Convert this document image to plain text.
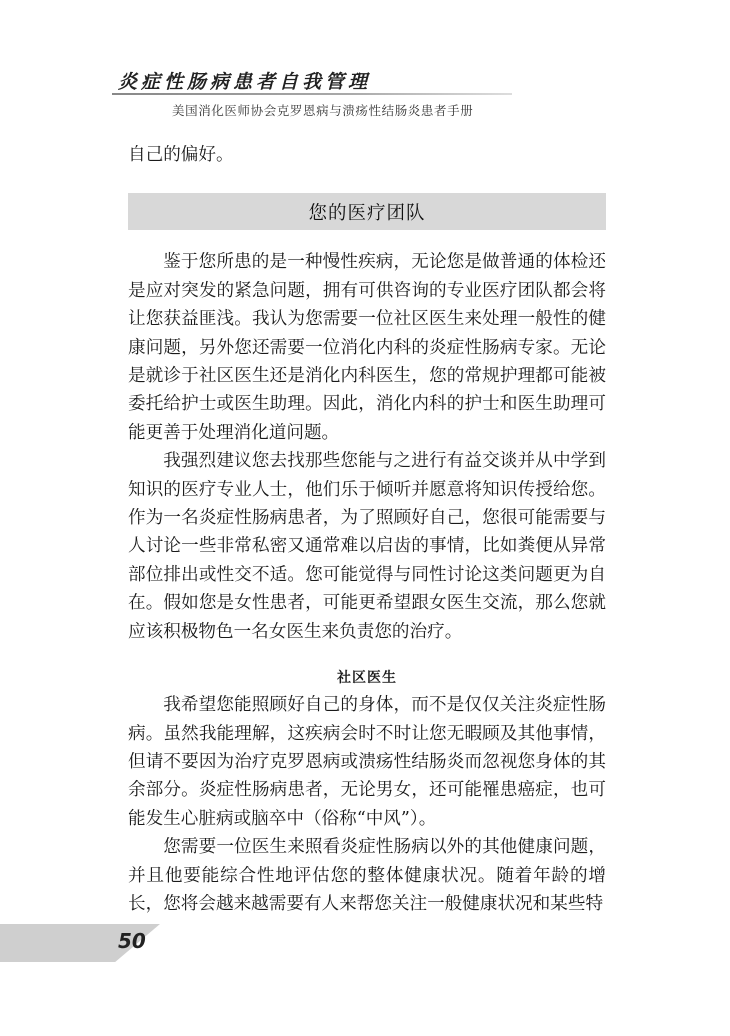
炎症性肠病患者自我管理
美国消化医师协会克罗恩病与溃疡性结肠炎患者手册

自己的偏好。

您的医疗团队

鉴于您所患的是一种慢性疾病，无论您是做普通的体检还是应对突发的紧急问题，拥有可供咨询的专业医疗团队都会将让您获益匪浅。我认为您需要一位社区医生来处理一般性的健康问题，另外您还需要一位消化内科的炎症性肠病专家。无论是就诊于社区医生还是消化内科医生，您的常规护理都可能被委托给护士或医生助理。因此，消化内科的护士和医生助理可能更善于处理消化道问题。

我强烈建议您去找那些您能与之进行有益交谈并从中学到知识的医疗专业人士，他们乐于倾听并愿意将知识传授给您。作为一名炎症性肠病患者，为了照顾好自己，您很可能需要与人讨论一些非常私密又通常难以启齿的事情，比如粪便从异常部位排出或性交不适。您可能觉得与同性讨论这类问题更为自在。假如您是女性患者，可能更希望跟女医生交流，那么您就应该积极物色一名女医生来负责您的治疗。

社区医生

我希望您能照顾好自己的身体，而不是仅仅关注炎症性肠病。虽然我能理解，这疾病会时不时让您无暇顾及其他事情，但请不要因为治疗克罗恩病或溃疡性结肠炎而忽视您身体的其余部分。炎症性肠病患者，无论男女，还可能罹患癌症，也可能发生心脏病或脑卒中（俗称“中风”）。

您需要一位医生来照看炎症性肠病以外的其他健康问题，并且他要能综合性地评估您的整体健康状况。随着年龄的增长，您将会越来越需要有人来帮您关注一般健康状况和某些特

50
